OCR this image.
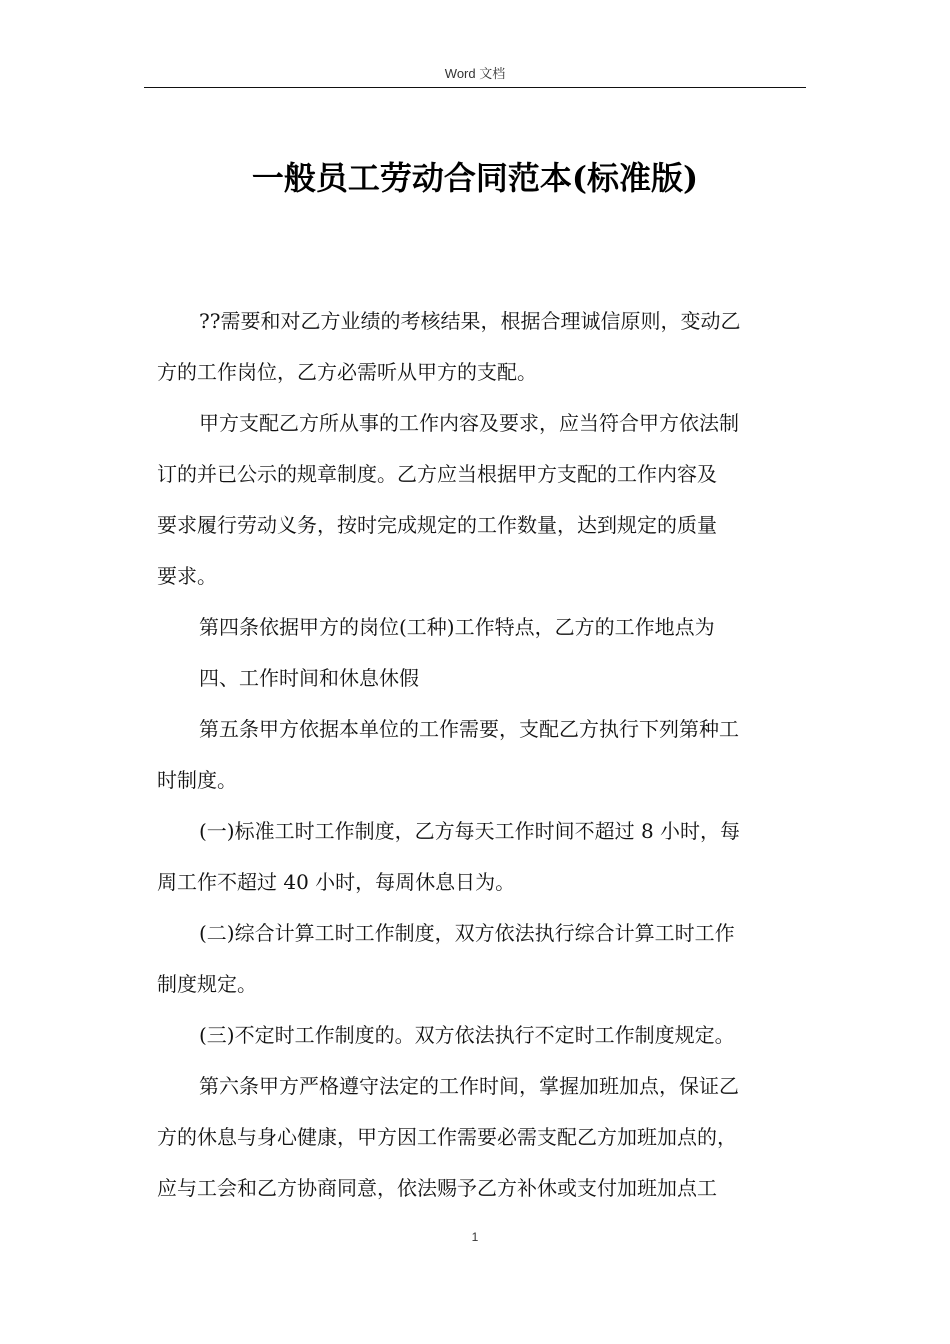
Word 文档
一般员工劳动合同范本(标准版)

??需要和对乙方业绩的考核结果，根据合理诚信原则，变动乙
方的工作岗位，乙方必需听从甲方的支配。

甲方支配乙方所从事的工作内容及要求，应当符合甲方依法制
订的并已公示的规章制度。乙方应当根据甲方支配的工作内容及
要求履行劳动义务，按时完成规定的工作数量，达到规定的质量
要求。

第四条依据甲方的岗位(工种)工作特点，乙方的工作地点为

四、工作时间和休息休假

第五条甲方依据本单位的工作需要，支配乙方执行下列第种工
时制度。

(一)标准工时工作制度，乙方每天工作时间不超过 8 小时，每
周工作不超过 40 小时，每周休息日为。

(二)综合计算工时工作制度，双方依法执行综合计算工时工作
制度规定。

(三)不定时工作制度的。双方依法执行不定时工作制度规定。

第六条甲方严格遵守法定的工作时间，掌握加班加点，保证乙
方的休息与身心健康，甲方因工作需要必需支配乙方加班加点的，
应与工会和乙方协商同意，依法赐予乙方补休或支付加班加点工

1
